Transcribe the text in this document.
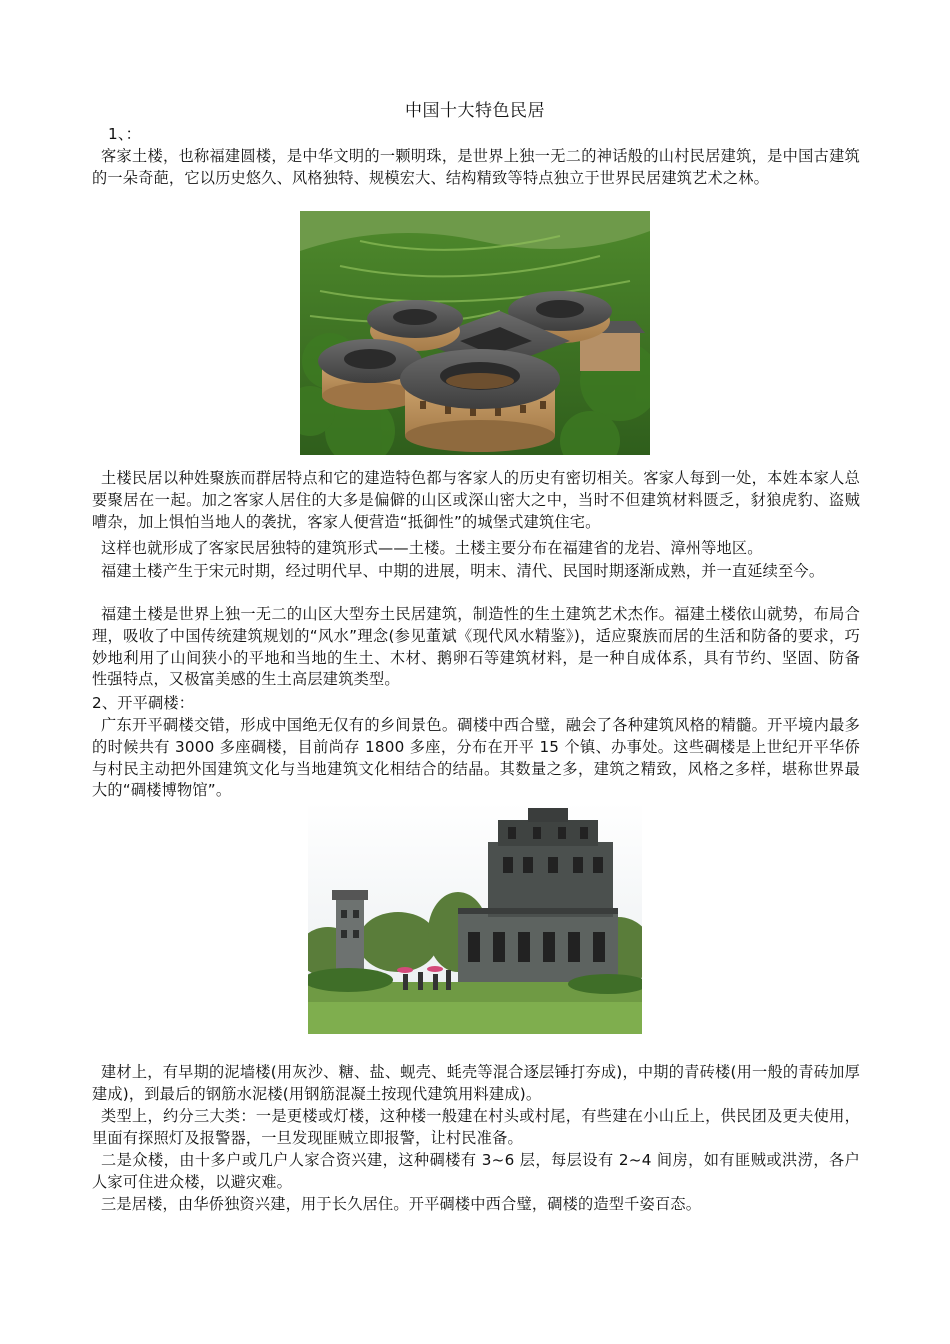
中国十大特色民居
1、：
客家土楼，也称福建圆楼，是中华文明的一颗明珠，是世界上独一无二的神话般的山村民居建筑，是中国古建筑的一朵奇葩，它以历史悠久、风格独特、规模宏大、结构精致等特点独立于世界民居建筑艺术之林。
土楼民居以种姓聚族而群居特点和它的建造特色都与客家人的历史有密切相关。客家人每到一处，本姓本家人总要聚居在一起。加之客家人居住的大多是偏僻的山区或深山密大之中，当时不但建筑材料匮乏，豺狼虎豹、盗贼嘈杂，加上惧怕当地人的袭扰，客家人便营造“抵御性”的城堡式建筑住宅。
这样也就形成了客家民居独特的建筑形式——土楼。土楼主要分布在福建省的龙岩、漳州等地区。
福建土楼产生于宋元时期，经过明代早、中期的进展，明末、清代、民国时期逐渐成熟，并一直延续至今。
福建土楼是世界上独一无二的山区大型夯土民居建筑，制造性的生土建筑艺术杰作。福建土楼依山就势，布局合理，吸收了中国传统建筑规划的“风水”理念(参见董斌《现代风水精鉴》)，适应聚族而居的生活和防备的要求，巧妙地利用了山间狭小的平地和当地的生土、木材、鹅卵石等建筑材料，是一种自成体系，具有节约、坚固、防备性强特点，又极富美感的生土高层建筑类型。
2、开平碉楼：
广东开平碉楼交错，形成中国绝无仅有的乡间景色。碉楼中西合璧，融会了各种建筑风格的精髓。开平境内最多的时候共有 3000 多座碉楼，目前尚存 1800 多座，分布在开平 15 个镇、办事处。这些碉楼是上世纪开平华侨与村民主动把外国建筑文化与当地建筑文化相结合的结晶。其数量之多，建筑之精致，风格之多样，堪称世界最大的“碉楼博物馆”。
建材上，有早期的泥墙楼(用灰沙、糖、盐、蚬壳、蚝壳等混合逐层锤打夯成)，中期的青砖楼(用一般的青砖加厚建成)，到最后的钢筋水泥楼(用钢筋混凝土按现代建筑用料建成)。
类型上，约分三大类：一是更楼或灯楼，这种楼一般建在村头或村尾，有些建在小山丘上，供民团及更夫使用，里面有探照灯及报警器，一旦发现匪贼立即报警，让村民准备。
二是众楼，由十多户或几户人家合资兴建，这种碉楼有 3~6 层，每层设有 2~4 间房，如有匪贼或洪涝，各户人家可住进众楼，以避灾难。
三是居楼，由华侨独资兴建，用于长久居住。开平碉楼中西合璧，碉楼的造型千姿百态。
